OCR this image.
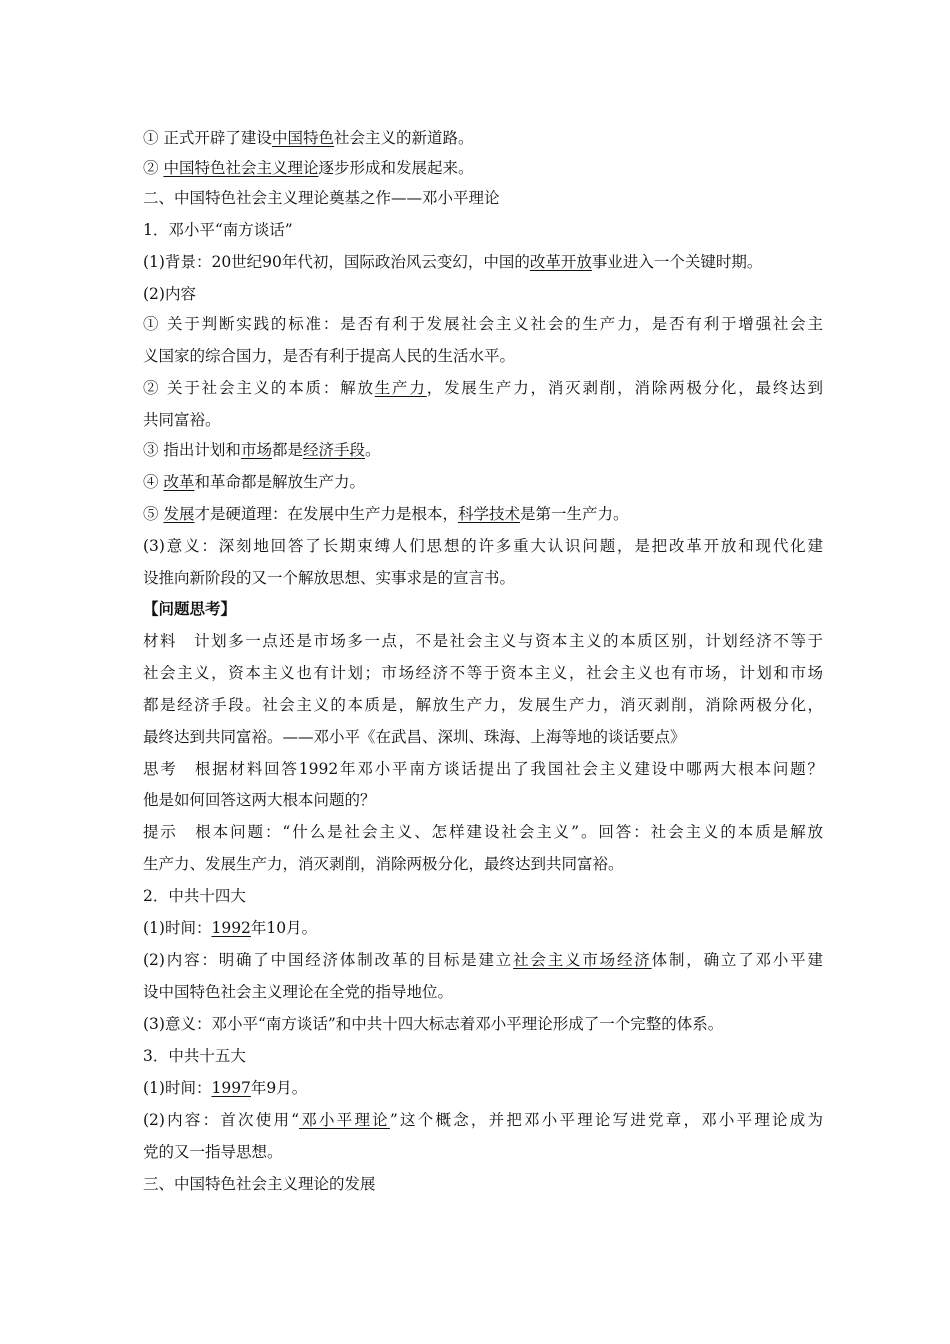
① 正式开辟了建设中国特色社会主义的新道路。
② 中国特色社会主义理论逐步形成和发展起来。
二、中国特色社会主义理论奠基之作——邓小平理论
1．邓小平“南方谈话”
(1)背景：20世纪90年代初，国际政治风云变幻，中国的改革开放事业进入一个关键时期。
(2)内容
① 关于判断实践的标准：是否有利于发展社会主义社会的生产力，是否有利于增强社会主
义国家的综合国力，是否有利于提高人民的生活水平。
② 关于社会主义的本质：解放生产力，发展生产力，消灭剥削，消除两极分化，最终达到
共同富裕。
③ 指出计划和市场都是经济手段。
④ 改革和革命都是解放生产力。
⑤ 发展才是硬道理：在发展中生产力是根本，科学技术是第一生产力。
(3)意义：深刻地回答了长期束缚人们思想的许多重大认识问题，是把改革开放和现代化建
设推向新阶段的又一个解放思想、实事求是的宣言书。
【问题思考】
材料　计划多一点还是市场多一点，不是社会主义与资本主义的本质区别，计划经济不等于
社会主义，资本主义也有计划；市场经济不等于资本主义，社会主义也有市场，计划和市场
都是经济手段。社会主义的本质是，解放生产力，发展生产力，消灭剥削，消除两极分化，
最终达到共同富裕。——邓小平《在武昌、深圳、珠海、上海等地的谈话要点》
思考　根据材料回答1992年邓小平南方谈话提出了我国社会主义建设中哪两大根本问题？
他是如何回答这两大根本问题的？
提示　根本问题：“什么是社会主义、怎样建设社会主义”。回答：社会主义的本质是解放
生产力、发展生产力，消灭剥削，消除两极分化，最终达到共同富裕。
2．中共十四大
(1)时间：1992年10月。
(2)内容：明确了中国经济体制改革的目标是建立社会主义市场经济体制，确立了邓小平建
设中国特色社会主义理论在全党的指导地位。
(3)意义：邓小平“南方谈话”和中共十四大标志着邓小平理论形成了一个完整的体系。
3．中共十五大
(1)时间：1997年9月。
(2)内容：首次使用“邓小平理论”这个概念，并把邓小平理论写进党章，邓小平理论成为
党的又一指导思想。
三、中国特色社会主义理论的发展
